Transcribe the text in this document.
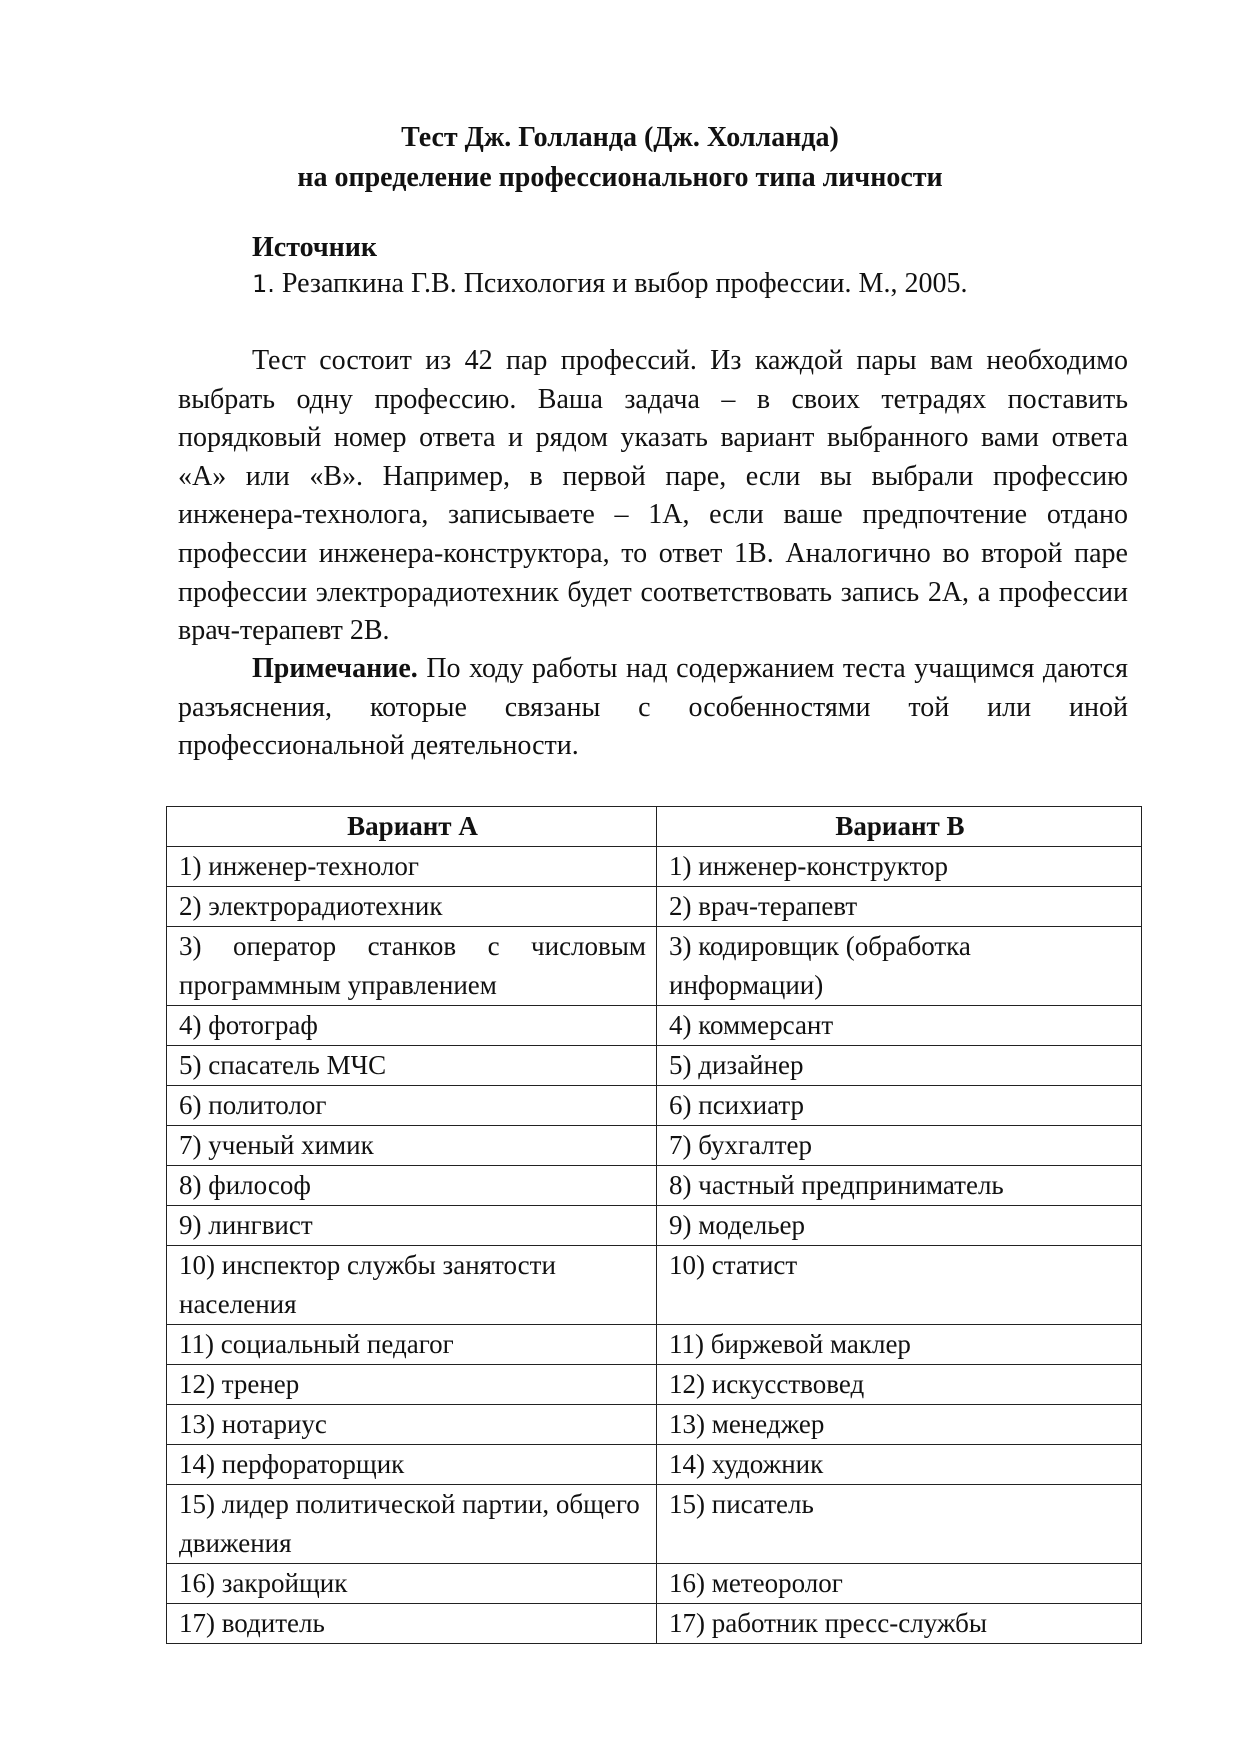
Тест Дж. Голланда (Дж. Холланда)
на определение профессионального типа личности
Источник
1. Резапкина Г.В. Психология и выбор профессии. М., 2005.

Тест состоит из 42 пар профессий. Из каждой пары вам необходимо выбрать одну профессию. Ваша задача – в своих тетрадях поставить порядковый номер ответа и рядом указать вариант выбранного вами ответа «А» или «В». Например, в первой паре, если вы выбрали профессию инженера-технолога, записываете – 1А, если ваше предпочтение отдано профессии инженера-конструктора, то ответ 1В. Аналогично во второй паре профессии электрорадиотехник будет соответствовать запись 2А, а профессии врач-терапевт 2В.

Примечание. По ходу работы над содержанием теста учащимся даются разъяснения, которые связаны с особенностями той или иной профессиональной деятельности.

Вариант А	Вариант В
1) инженер-технолог	1) инженер-конструктор
2) электрорадиотехник	2) врач-терапевт
3) оператор станков с числовым программным управлением	3) кодировщик (обработка информации)
4) фотограф	4) коммерсант
5) спасатель МЧС	5) дизайнер
6) политолог	6) психиатр
7) ученый химик	7) бухгалтер
8) философ	8) частный предприниматель
9) лингвист	9) модельер
10) инспектор службы занятости населения	10) статист
11) социальный педагог	11) биржевой маклер
12) тренер	12) искусствовед
13) нотариус	13) менеджер
14) перфораторщик	14) художник
15) лидер политической партии, общего движения	15) писатель
16) закройщик	16) метеоролог
17) водитель	17) работник пресс-службы
